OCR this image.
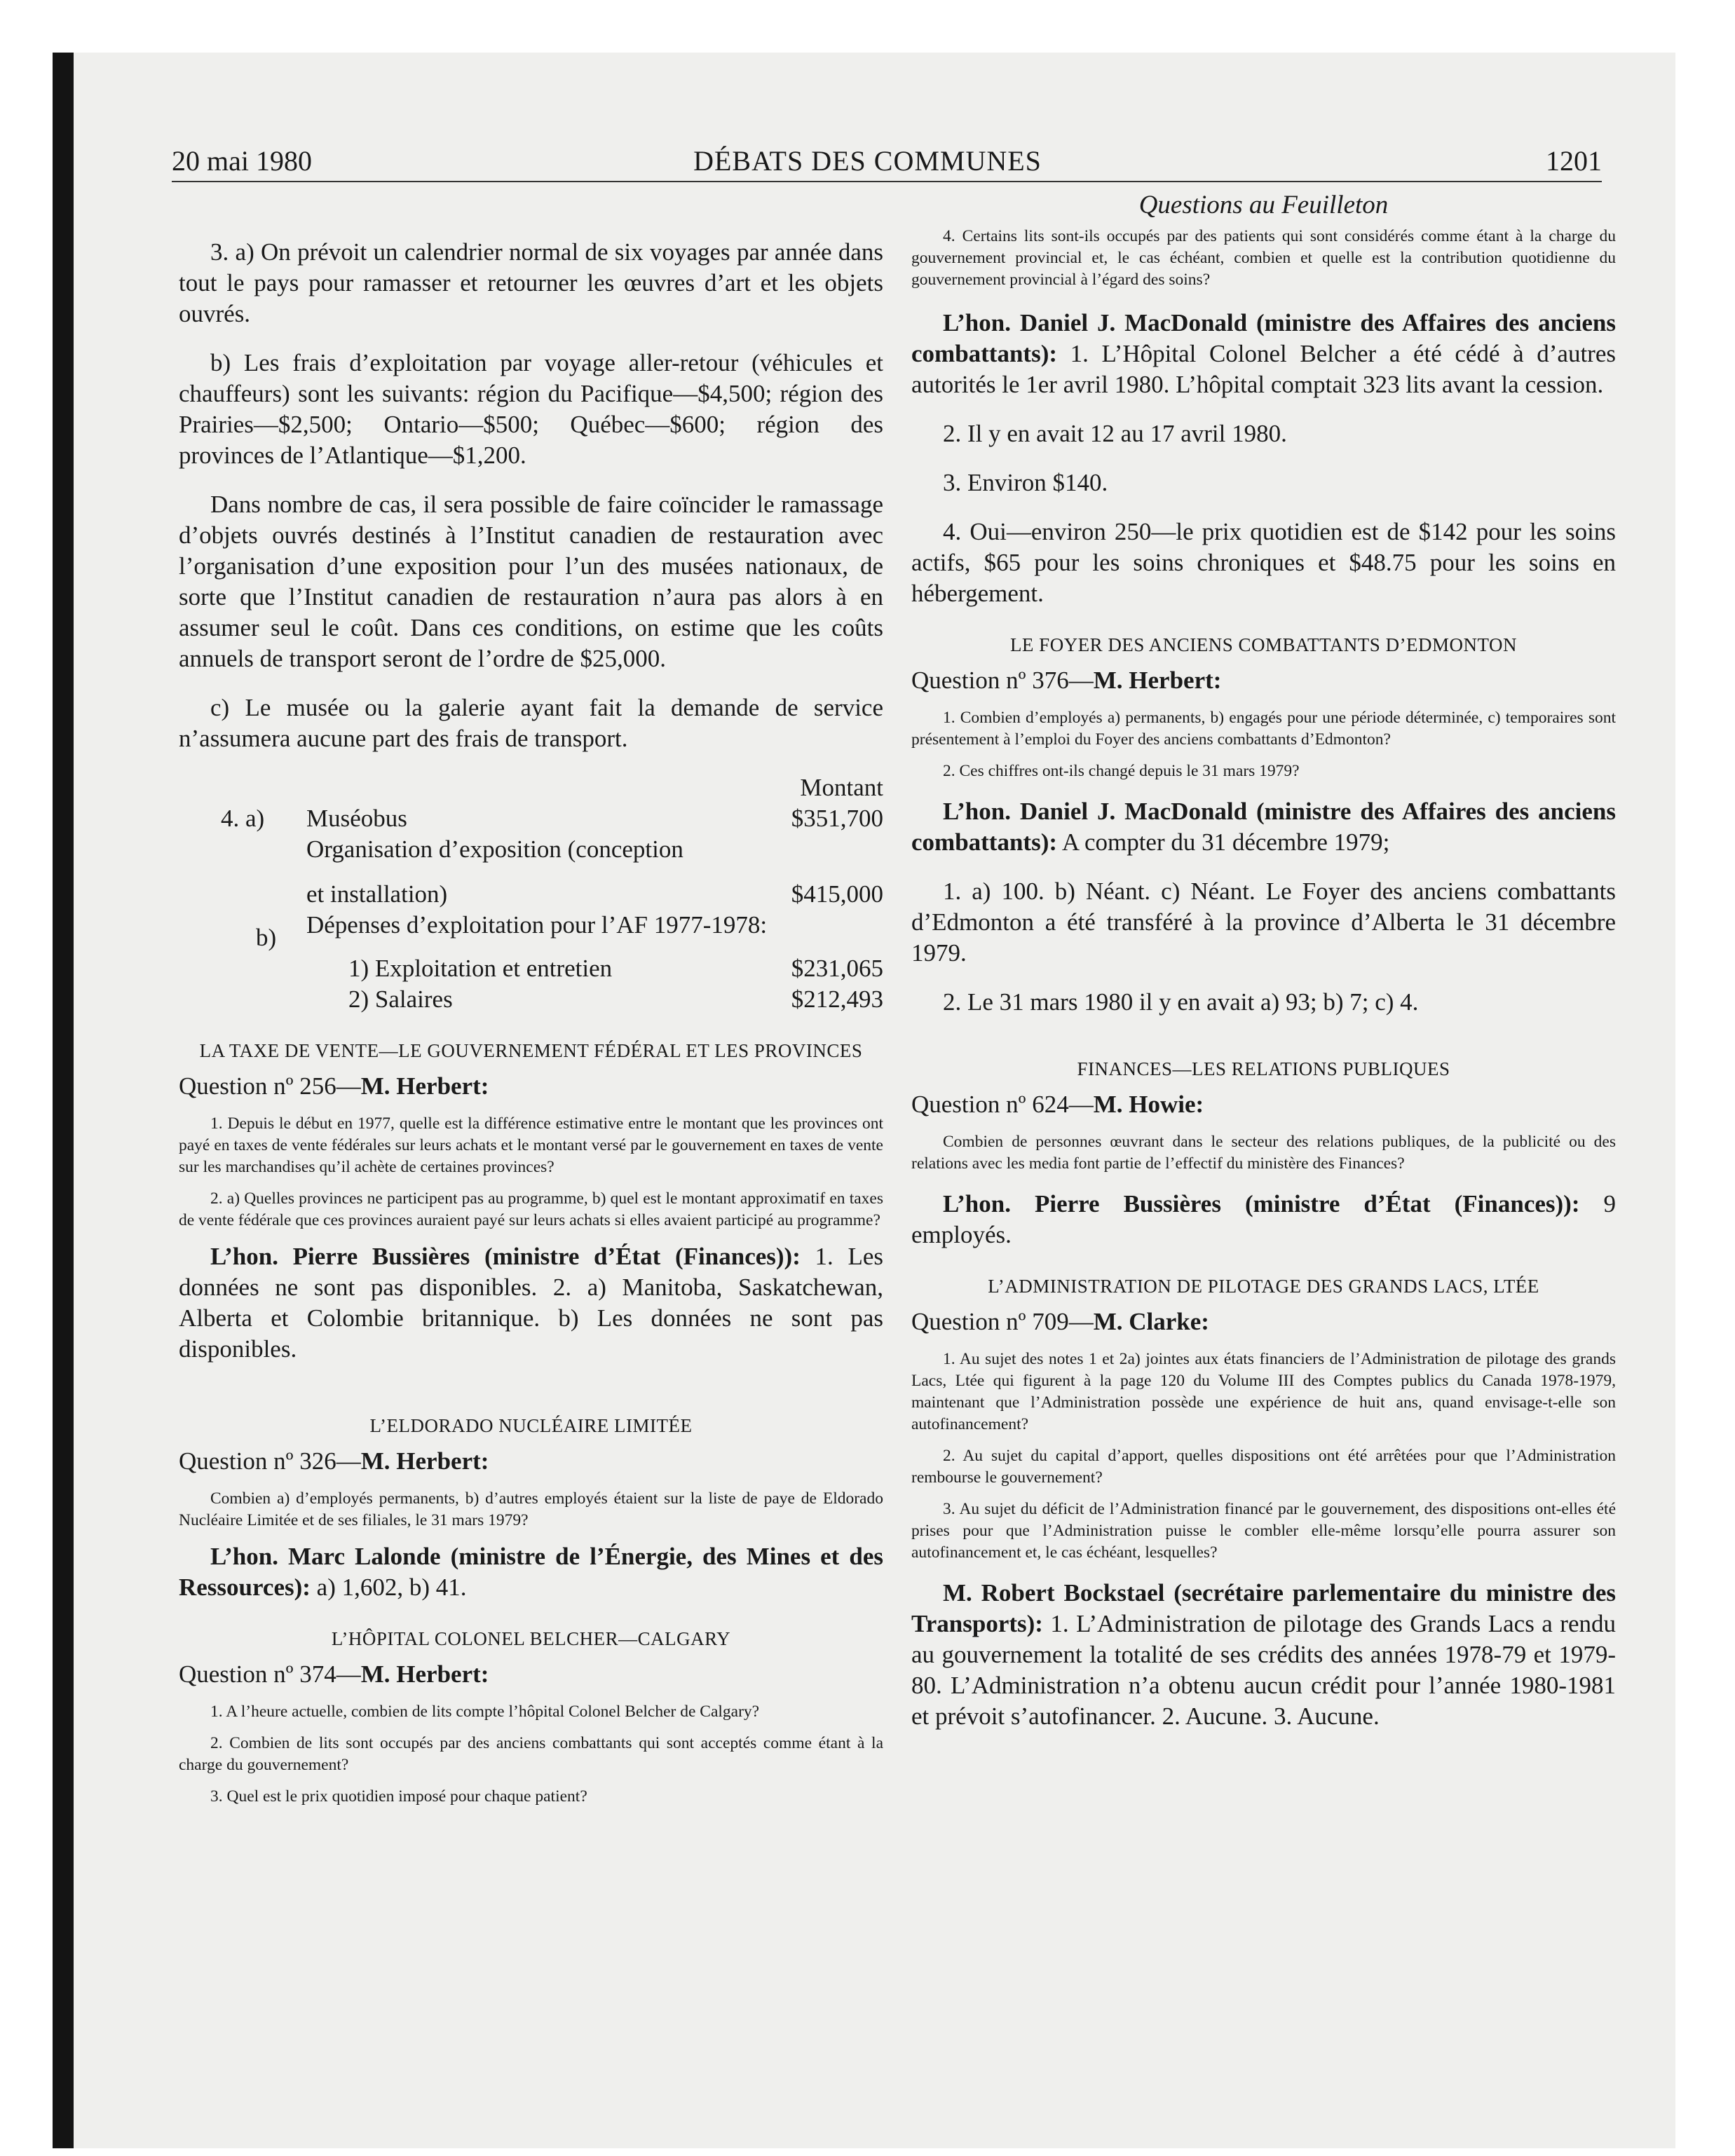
20 mai 1980	DÉBATS DES COMMUNES	1201

3. a) On prévoit un calendrier normal de six voyages par année dans tout le pays pour ramasser et retourner les œuvres d’art et les objets ouvrés.

b) Les frais d’exploitation par voyage aller-retour (véhicules et chauffeurs) sont les suivants: région du Pacifique—$4,500; région des Prairies—$2,500; Ontario—$500; Québec—$600; région des provinces de l’Atlantique—$1,200.

Dans nombre de cas, il sera possible de faire coïncider le ramassage d’objets ouvrés destinés à l’Institut canadien de restauration avec l’organisation d’une exposition pour l’un des musées nationaux, de sorte que l’Institut canadien de restauration n’aura pas alors à en assumer seul le coût. Dans ces conditions, on estime que les coûts annuels de transport seront de l’ordre de $25,000.

c) Le musée ou la galerie ayant fait la demande de service n’assumera aucune part des frais de transport.

		Montant
4. a)	Muséobus	$351,700
	Organisation d’exposition (conception	
	et installation)	$415,000
b)	Dépenses d’exploitation pour l’AF 1977-1978:	
	1) Exploitation et entretien	$231,065
	2) Salaires	$212,493

LA TAXE DE VENTE—LE GOUVERNEMENT FÉDÉRAL ET LES PROVINCES

Question nº 256—M. Herbert:

1. Depuis le début en 1977, quelle est la différence estimative entre le montant que les provinces ont payé en taxes de vente fédérales sur leurs achats et le montant versé par le gouvernement en taxes de vente sur les marchandises qu’il achète de certaines provinces?

2. a) Quelles provinces ne participent pas au programme, b) quel est le montant approximatif en taxes de vente fédérale que ces provinces auraient payé sur leurs achats si elles avaient participé au programme?

L’hon. Pierre Bussières (ministre d’État (Finances)): 1. Les données ne sont pas disponibles. 2. a) Manitoba, Saskatchewan, Alberta et Colombie britannique. b) Les données ne sont pas disponibles.

L’ELDORADO NUCLÉAIRE LIMITÉE

Question nº 326—M. Herbert:

Combien a) d’employés permanents, b) d’autres employés étaient sur la liste de paye de Eldorado Nucléaire Limitée et de ses filiales, le 31 mars 1979?

L’hon. Marc Lalonde (ministre de l’Énergie, des Mines et des Ressources): a) 1,602, b) 41.

L’HÔPITAL COLONEL BELCHER—CALGARY

Question nº 374—M. Herbert:

1. A l’heure actuelle, combien de lits compte l’hôpital Colonel Belcher de Calgary?

2. Combien de lits sont occupés par des anciens combattants qui sont acceptés comme étant à la charge du gouvernement?

3. Quel est le prix quotidien imposé pour chaque patient?

Questions au Feuilleton

4. Certains lits sont-ils occupés par des patients qui sont considérés comme étant à la charge du gouvernement provincial et, le cas échéant, combien et quelle est la contribution quotidienne du gouvernement provincial à l’égard des soins?

L’hon. Daniel J. MacDonald (ministre des Affaires des anciens combattants): 1. L’Hôpital Colonel Belcher a été cédé à d’autres autorités le 1er avril 1980. L’hôpital comptait 323 lits avant la cession.

2. Il y en avait 12 au 17 avril 1980.

3. Environ $140.

4. Oui—environ 250—le prix quotidien est de $142 pour les soins actifs, $65 pour les soins chroniques et $48.75 pour les soins en hébergement.

LE FOYER DES ANCIENS COMBATTANTS D’EDMONTON

Question nº 376—M. Herbert:

1. Combien d’employés a) permanents, b) engagés pour une période déterminée, c) temporaires sont présentement à l’emploi du Foyer des anciens combattants d’Edmonton?

2. Ces chiffres ont-ils changé depuis le 31 mars 1979?

L’hon. Daniel J. MacDonald (ministre des Affaires des anciens combattants): A compter du 31 décembre 1979;

1. a) 100. b) Néant. c) Néant. Le Foyer des anciens combattants d’Edmonton a été transféré à la province d’Alberta le 31 décembre 1979.

2. Le 31 mars 1980 il y en avait a) 93; b) 7; c) 4.

FINANCES—LES RELATIONS PUBLIQUES

Question nº 624—M. Howie:

Combien de personnes œuvrant dans le secteur des relations publiques, de la publicité ou des relations avec les media font partie de l’effectif du ministère des Finances?

L’hon. Pierre Bussières (ministre d’État (Finances)): 9 employés.

L’ADMINISTRATION DE PILOTAGE DES GRANDS LACS, LTÉE

Question nº 709—M. Clarke:

1. Au sujet des notes 1 et 2a) jointes aux états financiers de l’Administration de pilotage des grands Lacs, Ltée qui figurent à la page 120 du Volume III des Comptes publics du Canada 1978-1979, maintenant que l’Administration possède une expérience de huit ans, quand envisage-t-elle son autofinancement?

2. Au sujet du capital d’apport, quelles dispositions ont été arrêtées pour que l’Administration rembourse le gouvernement?

3. Au sujet du déficit de l’Administration financé par le gouvernement, des dispositions ont-elles été prises pour que l’Administration puisse le combler elle-même lorsqu’elle pourra assurer son autofinancement et, le cas échéant, lesquelles?

M. Robert Bockstael (secrétaire parlementaire du ministre des Transports): 1. L’Administration de pilotage des Grands Lacs a rendu au gouvernement la totalité de ses crédits des années 1978-79 et 1979-80. L’Administration n’a obtenu aucun crédit pour l’année 1980-1981 et prévoit s’autofinancer. 2. Aucune. 3. Aucune.
